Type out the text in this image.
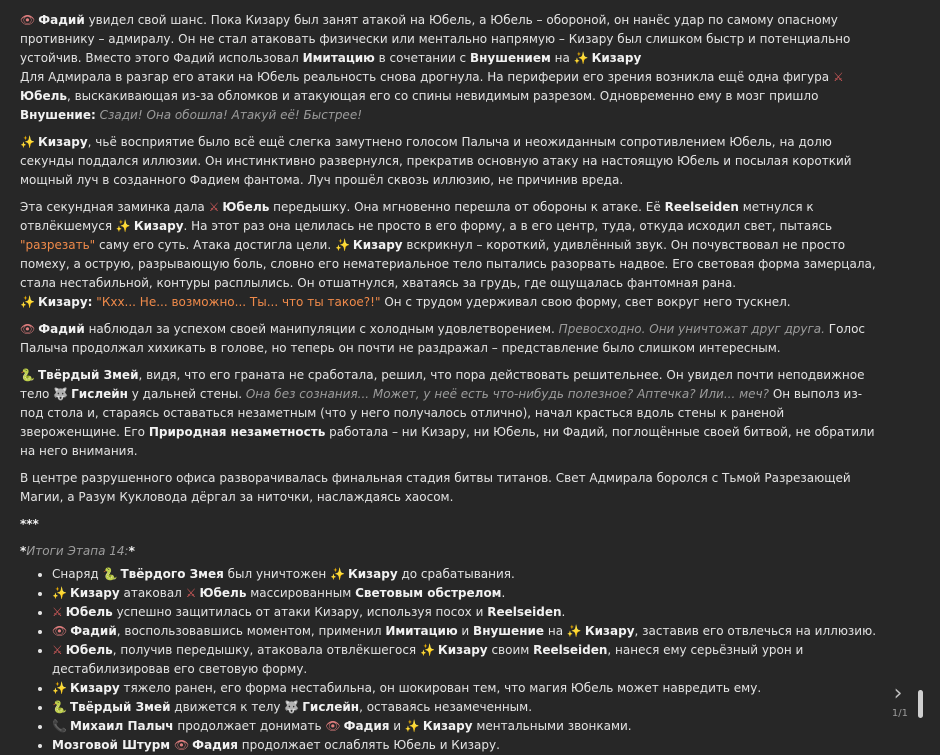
👁 Фадий увидел свой шанс. Пока Кизару был занят атакой на Юбель, а Юбель – обороной, он нанёс удар по самому опасному противнику – адмиралу. Он не стал атаковать физически или ментально напрямую – Кизару был слишком быстр и потенциально устойчив. Вместо этого Фадий использовал Имитацию в сочетании с Внушением на ✨ Кизару
Для Адмирала в разгар его атаки на Юбель реальность снова дрогнула. На периферии его зрения возникла ещё одна фигура ⚔Юбель, выскакивающая из-за обломков и атакующая его со спины невидимым разрезом. Одновременно ему в мозг пришло Внушение: Сзади! Она обошла! Атакуй её! Быстрее!

✨ Кизару, чьё восприятие было всё ещё слегка замутнено голосом Палыча и неожиданным сопротивлением Юбель, на долю секунды поддался иллюзии. Он инстинктивно развернулся, прекратив основную атаку на настоящую Юбель и посылая короткий мощный луч в созданного Фадием фантома. Луч прошёл сквозь иллюзию, не причинив вреда.

Эта секундная заминка дала ⚔ Юбель передышку. Она мгновенно перешла от обороны к атаке. Её Reelseiden метнулся к отвлёкшемуся ✨ Кизару. На этот раз она целилась не просто в его форму, а в его центр, туда, откуда исходил свет, пытаясь "разрезать" саму его суть. Атака достигла цели. ✨ Кизару вскрикнул – короткий, удивлённый звук. Он почувствовал не просто помеху, а острую, разрывающую боль, словно его нематериальное тело пытались разорвать надвое. Его световая форма замерцала, стала нестабильной, контуры расплылись. Он отшатнулся, хватаясь за грудь, где ощущалась фантомная рана.
✨ Кизару: "Кхх... Не... возможно... Ты... что ты такое?!" Он с трудом удерживал свою форму, свет вокруг него тускнел.

👁 Фадий наблюдал за успехом своей манипуляции с холодным удовлетворением. Превосходно. Они уничтожат друг друга. Голос Палыча продолжал хихикать в голове, но теперь он почти не раздражал – представление было слишком интересным.

🐍 Твёрдый Змей, видя, что его граната не сработала, решил, что пора действовать решительнее. Он увидел почти неподвижное тело 🐺 Гислейн у дальней стены. Она без сознания... Может, у неё есть что-нибудь полезное? Аптечка? Или... меч? Он выполз из-под стола и, стараясь оставаться незаметным (что у него получалось отлично), начал красться вдоль стены к раненой звероженщине. Его Природная незаметность работала – ни Кизару, ни Юбель, ни Фадий, поглощённые своей битвой, не обратили на него внимания.

В центре разрушенного офиса разворачивалась финальная стадия битвы титанов. Свет Адмирала боролся с Тьмой Разрезающей Магии, а Разум Кукловода дёргал за ниточки, наслаждаясь хаосом.

***

*Итоги Этапа 14:*
• Снаряд 🐍 Твёрдого Змея был уничтожен ✨ Кизару до срабатывания.
• ✨ Кизару атаковал ⚔ Юбель массированным Световым обстрелом.
• ⚔ Юбель успешно защитилась от атаки Кизару, используя посох и Reelseiden.
• 👁 Фадий, воспользовавшись моментом, применил Имитацию и Внушение на ✨ Кизару, заставив его отвлечься на иллюзию.
• ⚔ Юбель, получив передышку, атаковала отвлёкшегося ✨ Кизару своим Reelseiden, нанеся ему серьёзный урон и дестабилизировав его световую форму.
• ✨ Кизару тяжело ранен, его форма нестабильна, он шокирован тем, что магия Юбель может навредить ему.
• 🐍 Твёрдый Змей движется к телу 🐺 Гислейн, оставаясь незамеченным.
• 📞 Михаил Палыч продолжает донимать 👁 Фадия и ✨ Кизару ментальными звонками.
• Мозговой Штурм 👁 Фадия продолжает ослаблять Юбель и Кизару.
›
1/1
